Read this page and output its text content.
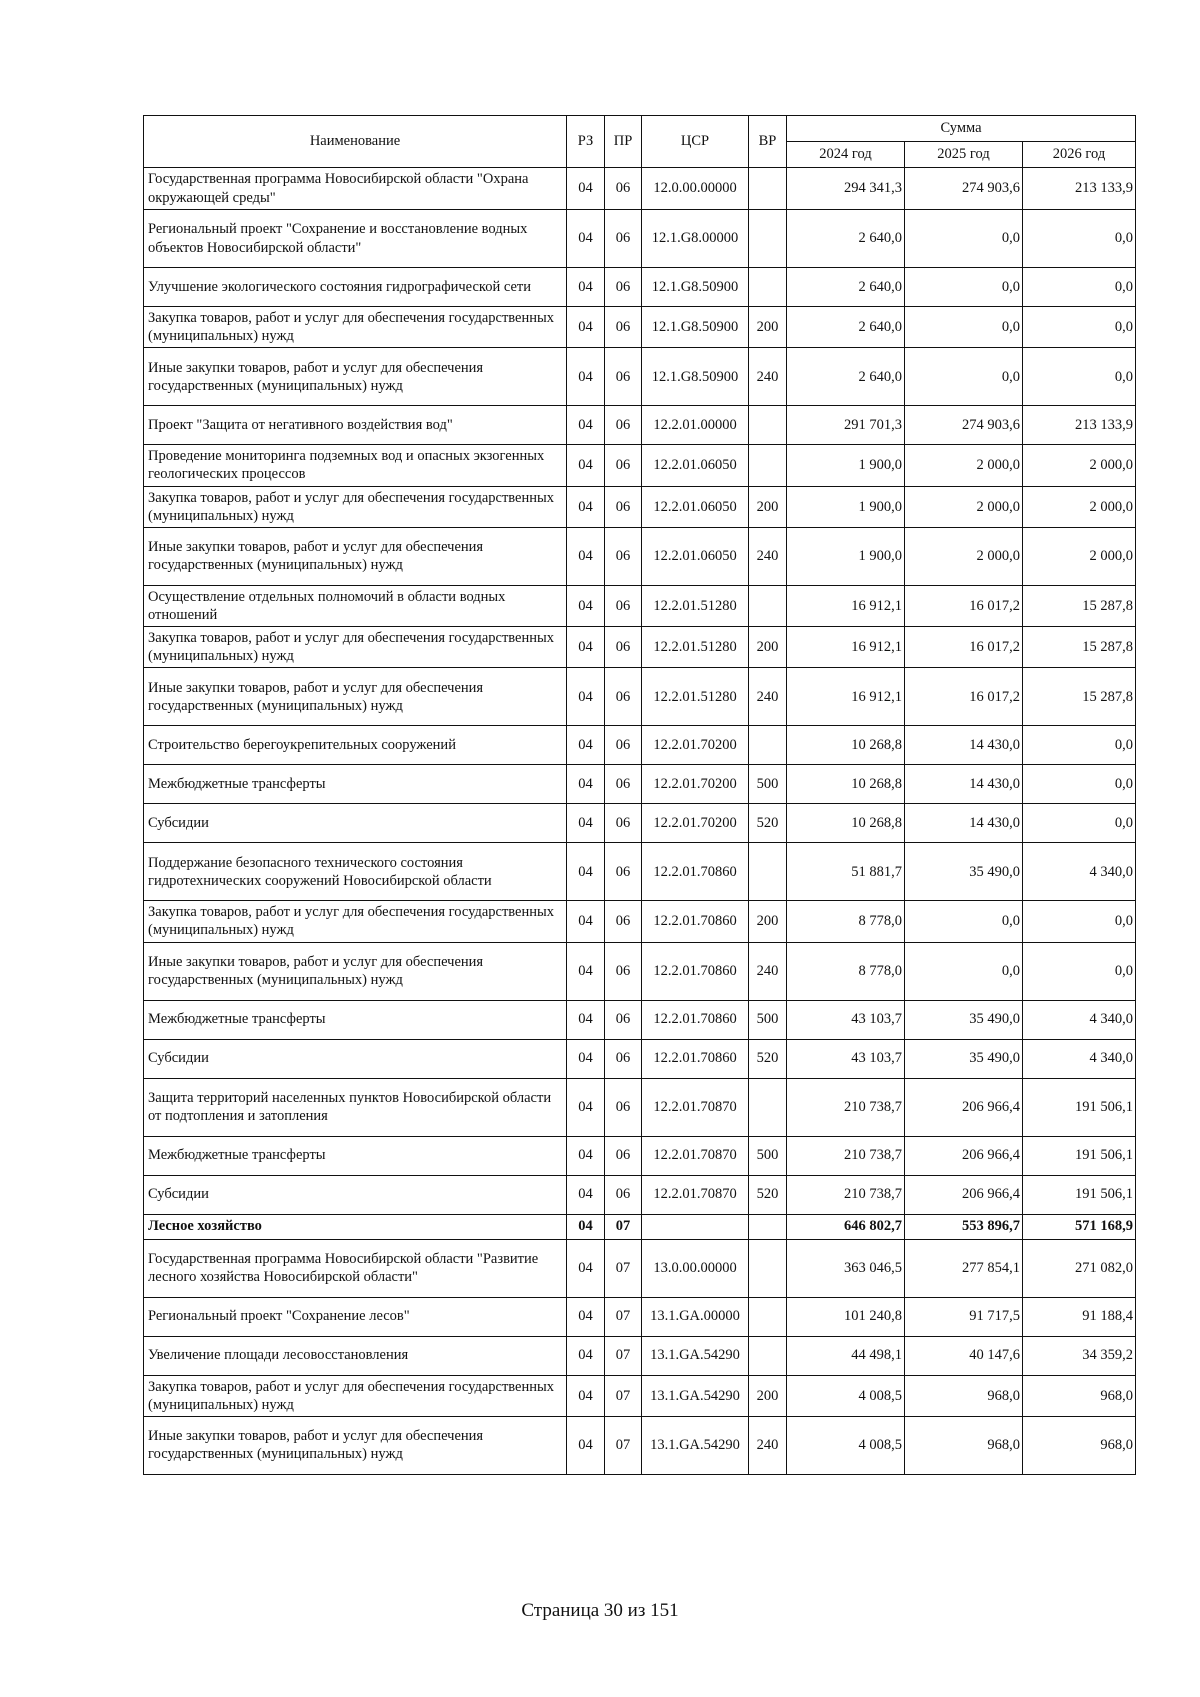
Наименование	РЗ	ПР	ЦСР	ВР	Сумма		
					2024 год	2025 год	2026 год
Государственная программа Новосибирской области "Охрана окружающей среды"	04	06	12.0.00.00000		294 341,3	274 903,6	213 133,9
Региональный проект "Сохранение и восстановление водных объектов Новосибирской области"	04	06	12.1.G8.00000		2 640,0	0,0	0,0
Улучшение экологического состояния гидрографической сети	04	06	12.1.G8.50900		2 640,0	0,0	0,0
Закупка товаров, работ и услуг для обеспечения государственных (муниципальных) нужд	04	06	12.1.G8.50900	200	2 640,0	0,0	0,0
Иные закупки товаров, работ и услуг для обеспечения государственных (муниципальных) нужд	04	06	12.1.G8.50900	240	2 640,0	0,0	0,0
Проект "Защита от негативного воздействия вод"	04	06	12.2.01.00000		291 701,3	274 903,6	213 133,9
Проведение мониторинга подземных вод и опасных экзогенных геологических процессов	04	06	12.2.01.06050		1 900,0	2 000,0	2 000,0
Закупка товаров, работ и услуг для обеспечения государственных (муниципальных) нужд	04	06	12.2.01.06050	200	1 900,0	2 000,0	2 000,0
Иные закупки товаров, работ и услуг для обеспечения государственных (муниципальных) нужд	04	06	12.2.01.06050	240	1 900,0	2 000,0	2 000,0
Осуществление отдельных полномочий в области водных отношений	04	06	12.2.01.51280		16 912,1	16 017,2	15 287,8
Закупка товаров, работ и услуг для обеспечения государственных (муниципальных) нужд	04	06	12.2.01.51280	200	16 912,1	16 017,2	15 287,8
Иные закупки товаров, работ и услуг для обеспечения государственных (муниципальных) нужд	04	06	12.2.01.51280	240	16 912,1	16 017,2	15 287,8
Строительство берегоукрепительных сооружений	04	06	12.2.01.70200		10 268,8	14 430,0	0,0
Межбюджетные трансферты	04	06	12.2.01.70200	500	10 268,8	14 430,0	0,0
Субсидии	04	06	12.2.01.70200	520	10 268,8	14 430,0	0,0
Поддержание безопасного технического состояния гидротехнических сооружений Новосибирской области	04	06	12.2.01.70860		51 881,7	35 490,0	4 340,0
Закупка товаров, работ и услуг для обеспечения государственных (муниципальных) нужд	04	06	12.2.01.70860	200	8 778,0	0,0	0,0
Иные закупки товаров, работ и услуг для обеспечения государственных (муниципальных) нужд	04	06	12.2.01.70860	240	8 778,0	0,0	0,0
Межбюджетные трансферты	04	06	12.2.01.70860	500	43 103,7	35 490,0	4 340,0
Субсидии	04	06	12.2.01.70860	520	43 103,7	35 490,0	4 340,0
Защита территорий населенных пунктов Новосибирской области от подтопления и затопления	04	06	12.2.01.70870		210 738,7	206 966,4	191 506,1
Межбюджетные трансферты	04	06	12.2.01.70870	500	210 738,7	206 966,4	191 506,1
Субсидии	04	06	12.2.01.70870	520	210 738,7	206 966,4	191 506,1
Лесное хозяйство	04	07			646 802,7	553 896,7	571 168,9
Государственная программа Новосибирской области "Развитие лесного хозяйства Новосибирской области"	04	07	13.0.00.00000		363 046,5	277 854,1	271 082,0
Региональный проект "Сохранение лесов"	04	07	13.1.GA.00000		101 240,8	91 717,5	91 188,4
Увеличение площади лесовосстановления	04	07	13.1.GA.54290		44 498,1	40 147,6	34 359,2
Закупка товаров, работ и услуг для обеспечения государственных (муниципальных) нужд	04	07	13.1.GA.54290	200	4 008,5	968,0	968,0
Иные закупки товаров, работ и услуг для обеспечения государственных (муниципальных) нужд	04	07	13.1.GA.54290	240	4 008,5	968,0	968,0
Страница 30 из 151
